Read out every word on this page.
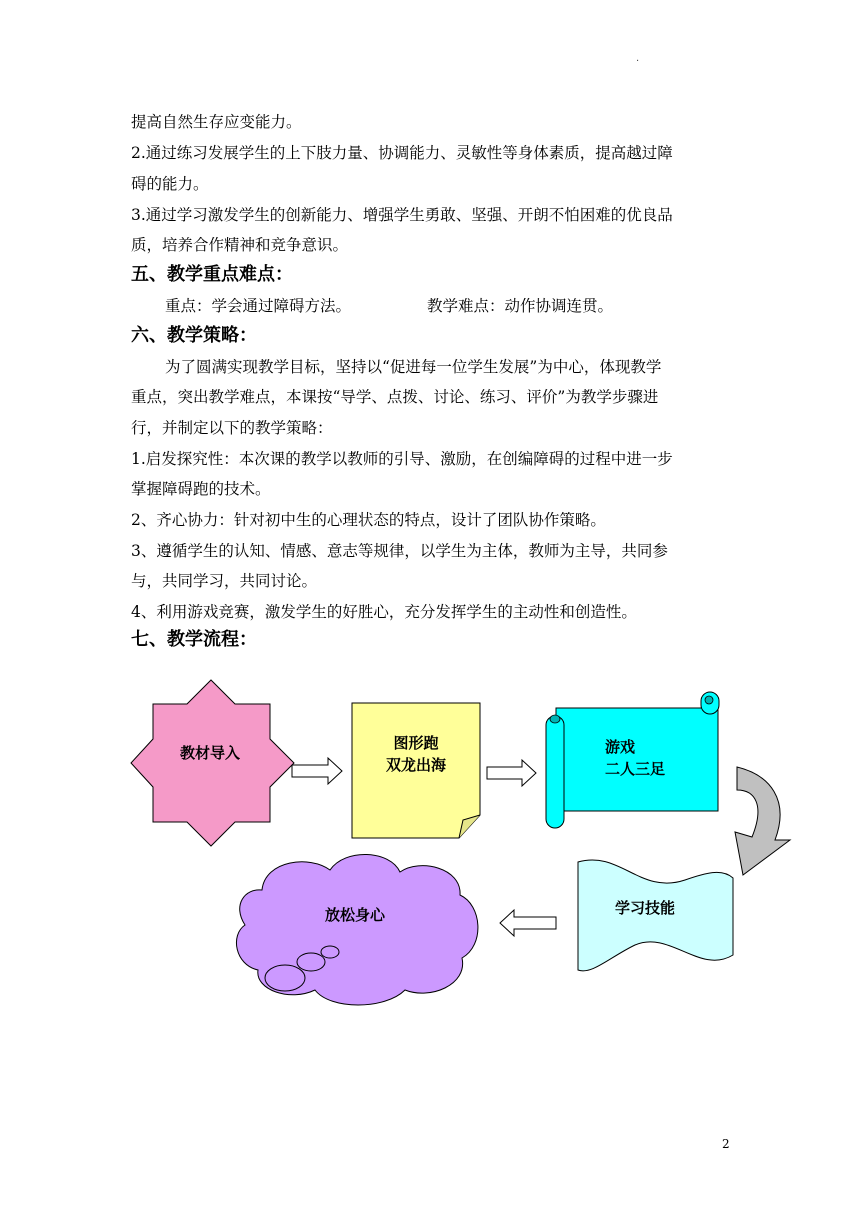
·
提高自然生存应变能力。
2.通过练习发展学生的上下肢力量、协调能力、灵敏性等身体素质，提高越过障
碍的能力。
3.通过学习激发学生的创新能力、增强学生勇敢、坚强、开朗不怕困难的优良品
质，培养合作精神和竞争意识。
五、教学重点难点：
重点：学会通过障碍方法。	教学难点：动作协调连贯。
六、教学策略：
为了圆满实现教学目标，坚持以“促进每一位学生发展”为中心，体现教学
重点，突出教学难点，本课按“导学、点拨、讨论、练习、评价”为教学步骤进
行，并制定以下的教学策略：
1.启发探究性：本次课的教学以教师的引导、激励，在创编障碍的过程中进一步
掌握障碍跑的技术。
2、齐心协力：针对初中生的心理状态的特点，设计了团队协作策略。
3、遵循学生的认知、情感、意志等规律，以学生为主体，教师为主导，共同参
与，共同学习，共同讨论。
4、利用游戏竞赛，激发学生的好胜心，充分发挥学生的主动性和创造性。
七、教学流程：
教材导入
图形跑
双龙出海
游戏
二人三足
学习技能
放松身心
2
